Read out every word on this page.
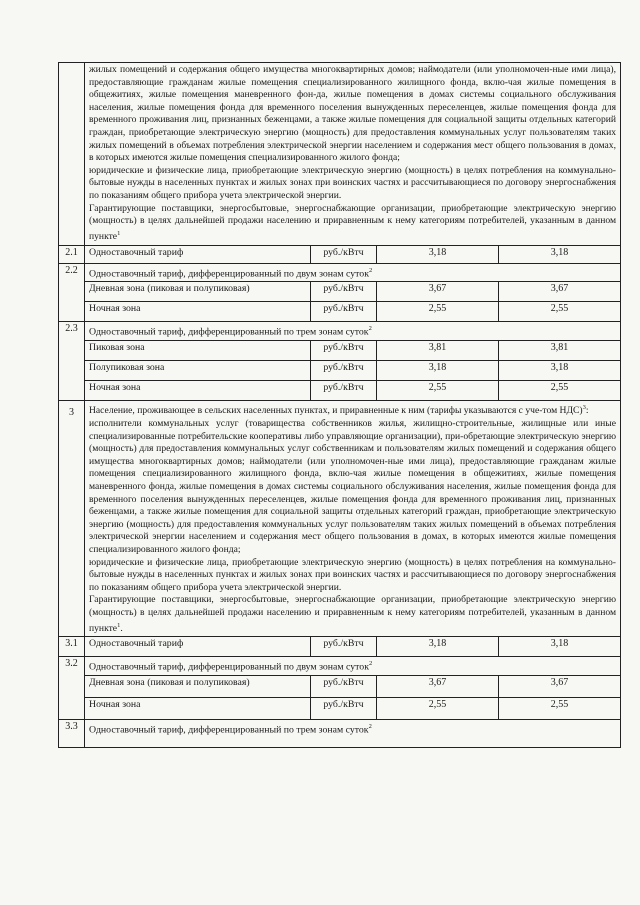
	жилых помещений и содержания общего имущества многоквартирных домов; наймодатели (или уполномочен-ные ими лица), предоставляющие гражданам жилые помещения специализированного жилищного фонда, вклю-чая жилые помещения в общежитиях, жилые помещения маневренного фон-да, жилые помещения в домах системы социального обслуживания населения, жилые помещения фонда для временного поселения вынужденных переселенцев, жилые помещения фонда для временного проживания лиц, признанных беженцами, а также жилые помещения для социальной защиты отдельных категорий граждан, приобретающие электрическую энергию (мощность) для предоставления коммунальных услуг пользователям таких жилых помещений в объемах потребления электрической энергии населением и содержания мест общего пользования в домах, в которых имеются жилые помещения специализированного жилого фонда;
юридические и физические лица, приобретающие электрическую энергию (мощность) в целях потребления на коммунально-бытовые нужды в населенных пунктах и жилых зонах при воинских частях и рассчитывающиеся по договору энергоснабжения по показаниям общего прибора учета электрической энергии.
Гарантирующие поставщики, энергосбытовые, энергоснабжающие организации, приобретающие электрическую энергию (мощность) в целях дальнейшей продажи населению и приравненным к нему категориям потребителей, указанным в данном пункте$^1$

2.1	Одноставочный тариф	руб./кВтч	3,18	3,18
2.2	Одноставочный тариф, дифференцированный по двум зонам суток$^2$
	Дневная зона (пиковая и полупиковая)	руб./кВтч	3,67	3,67
	Ночная зона	руб./кВтч	2,55	2,55
2.3	Одноставочный тариф, дифференцированный по трем зонам суток$^2$
	Пиковая зона	руб./кВтч	3,81	3,81
	Полупиковая зона	руб./кВтч	3,18	3,18
	Ночная зона	руб./кВтч	2,55	2,55
3	Население, проживающее в сельских населенных пунктах, и приравненные к ним (тарифы указываются с уче-том НДС)$^3$:
исполнители коммунальных услуг (товарищества собственников жилья, жилищно-строительные, жилищные или иные специализированные потребительские кооперативы либо управляющие организации), при-обретающие электрическую энергию (мощность) для предоставления коммунальных услуг собственникам и пользователям жилых помещений и содержания общего имущества многоквартирных домов; наймодатели (или уполномочен-ные ими лица), предоставляющие гражданам жилые помещения специализированного жилищного фонда, вклю-чая жилые помещения в общежитиях, жилые помещения маневренного фонда, жилые помещения в домах системы социального обслуживания населения, жилые помещения фонда для временного поселения вынужденных переселенцев, жилые помещения фонда для временного проживания лиц, признанных беженцами, а также жилые помещения для социальной защиты отдельных категорий граждан, приобретающие электрическую энергию (мощность) для предоставления коммунальных услуг пользователям таких жилых помещений в объемах потребления электрической энергии населением и содержания мест общего пользования в домах, в которых имеются жилые помещения специализированного жилого фонда;
юридические и физические лица, приобретающие электрическую энергию (мощность) в целях потребления на коммунально-бытовые нужды в населенных пунктах и жилых зонах при воинских частях и рассчитывающиеся по договору энергоснабжения по показаниям общего прибора учета электрической энергии.
Гарантирующие поставщики, энергосбытовые, энергоснабжающие организации, приобретающие электрическую энергию (мощность) в целях дальнейшей продажи населению и приравненным к нему категориям потребителей, указанным в данном пункте$^1$.			

3.1	Одноставочный тариф	руб./кВтч	3,18	3,18
3.2	Одноставочный тариф, дифференцированный по двум зонам суток$^2$
	Дневная зона (пиковая и полупиковая)	руб./кВтч	3,67	3,67
	Ночная зона	руб./кВтч	2,55	2,55
3.3	Одноставочный тариф, дифференцированный по трем зонам суток$^2$
